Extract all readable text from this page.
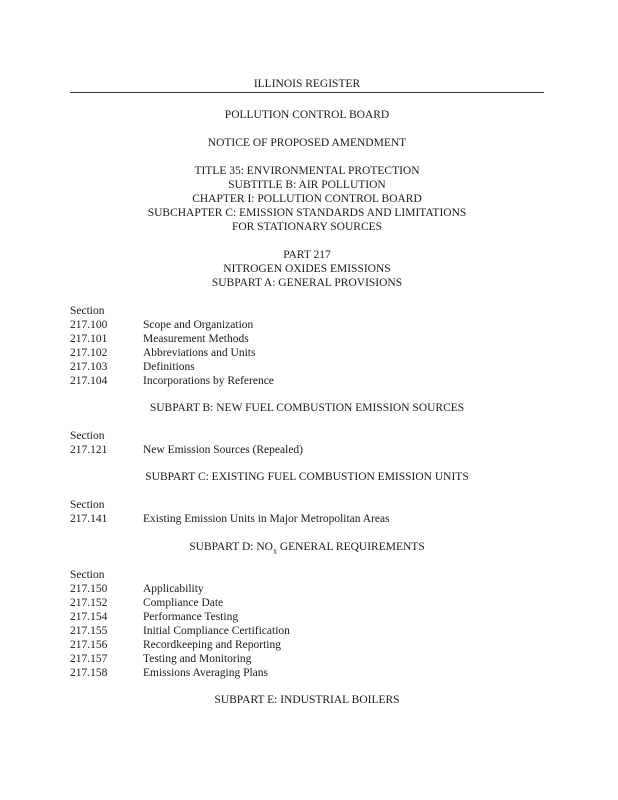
ILLINOIS REGISTER
POLLUTION CONTROL BOARD
NOTICE OF PROPOSED AMENDMENT
TITLE 35: ENVIRONMENTAL PROTECTION
SUBTITLE B: AIR POLLUTION
CHAPTER I: POLLUTION CONTROL BOARD
SUBCHAPTER C: EMISSION STANDARDS AND LIMITATIONS
FOR STATIONARY SOURCES
PART 217
NITROGEN OXIDES EMISSIONS
SUBPART A: GENERAL PROVISIONS
Section
217.100	Scope and Organization
217.101	Measurement Methods
217.102	Abbreviations and Units
217.103	Definitions
217.104	Incorporations by Reference
SUBPART B: NEW FUEL COMBUSTION EMISSION SOURCES
Section
217.121	New Emission Sources (Repealed)
SUBPART C: EXISTING FUEL COMBUSTION EMISSION UNITS
Section
217.141	Existing Emission Units in Major Metropolitan Areas
SUBPART D: $NO_x$ GENERAL REQUIREMENTS
Section
217.150	Applicability
217.152	Compliance Date
217.154	Performance Testing
217.155	Initial Compliance Certification
217.156	Recordkeeping and Reporting
217.157	Testing and Monitoring
217.158	Emissions Averaging Plans
SUBPART E: INDUSTRIAL BOILERS
